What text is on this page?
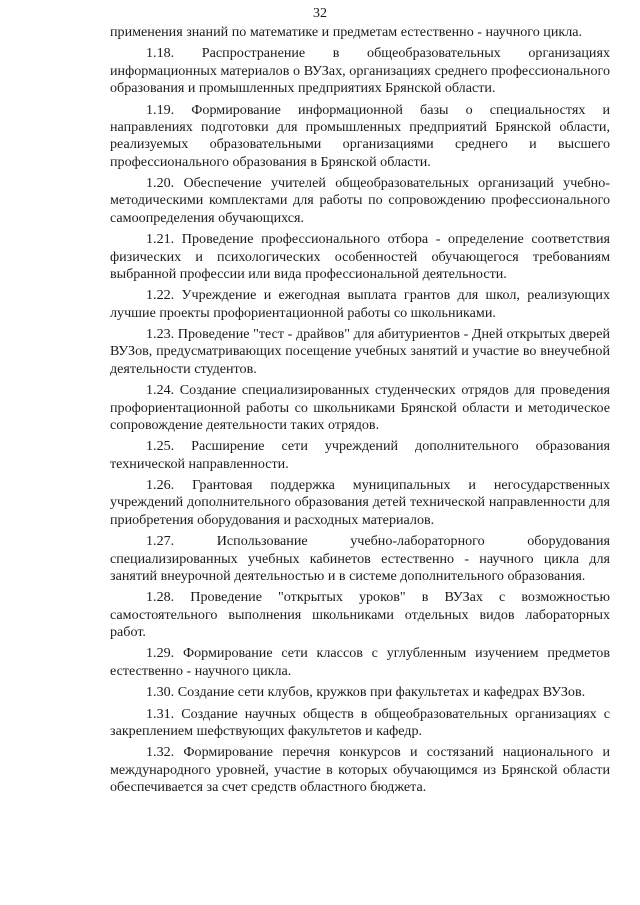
32

применения знаний по математике и предметам естественно - научного цикла.

1.18. Распространение в общеобразовательных организациях информационных материалов о ВУЗах, организациях среднего профессионального образования и промышленных предприятиях Брянской области.

1.19. Формирование информационной базы о специальностях и направлениях подготовки для промышленных предприятий Брянской области, реализуемых образовательными организациями среднего и высшего профессионального образования в Брянской области.

1.20. Обеспечение учителей общеобразовательных организаций учебно-методическими комплектами для работы по сопровождению профессионального самоопределения обучающихся.

1.21. Проведение профессионального отбора - определение соответствия физических и психологических особенностей обучающегося требованиям выбранной профессии или вида профессиональной деятельности.

1.22. Учреждение и ежегодная выплата грантов для школ, реализующих лучшие проекты профориентационной работы со школьниками.

1.23. Проведение "тест - драйвов" для абитуриентов - Дней открытых дверей ВУЗов, предусматривающих посещение учебных занятий и участие во внеучебной деятельности студентов.

1.24. Создание специализированных студенческих отрядов для проведения профориентационной работы со школьниками Брянской области и методическое сопровождение деятельности таких отрядов.

1.25. Расширение сети учреждений дополнительного образования технической направленности.

1.26. Грантовая поддержка муниципальных и негосударственных учреждений дополнительного образования детей технической направленности для приобретения оборудования и расходных материалов.

1.27. Использование учебно-лабораторного оборудования специализированных учебных кабинетов естественно - научного цикла для занятий внеурочной деятельностью и в системе дополнительного образования.

1.28. Проведение "открытых уроков" в ВУЗах с возможностью самостоятельного выполнения школьниками отдельных видов лабораторных работ.

1.29. Формирование сети классов с углубленным изучением предметов естественно - научного цикла.

1.30. Создание сети клубов, кружков при факультетах и кафедрах ВУЗов.

1.31. Создание научных обществ в общеобразовательных организациях с закреплением шефствующих факультетов и кафедр.

1.32. Формирование перечня конкурсов и состязаний национального и международного уровней, участие в которых обучающимся из Брянской области обеспечивается за счет средств областного бюджета.
